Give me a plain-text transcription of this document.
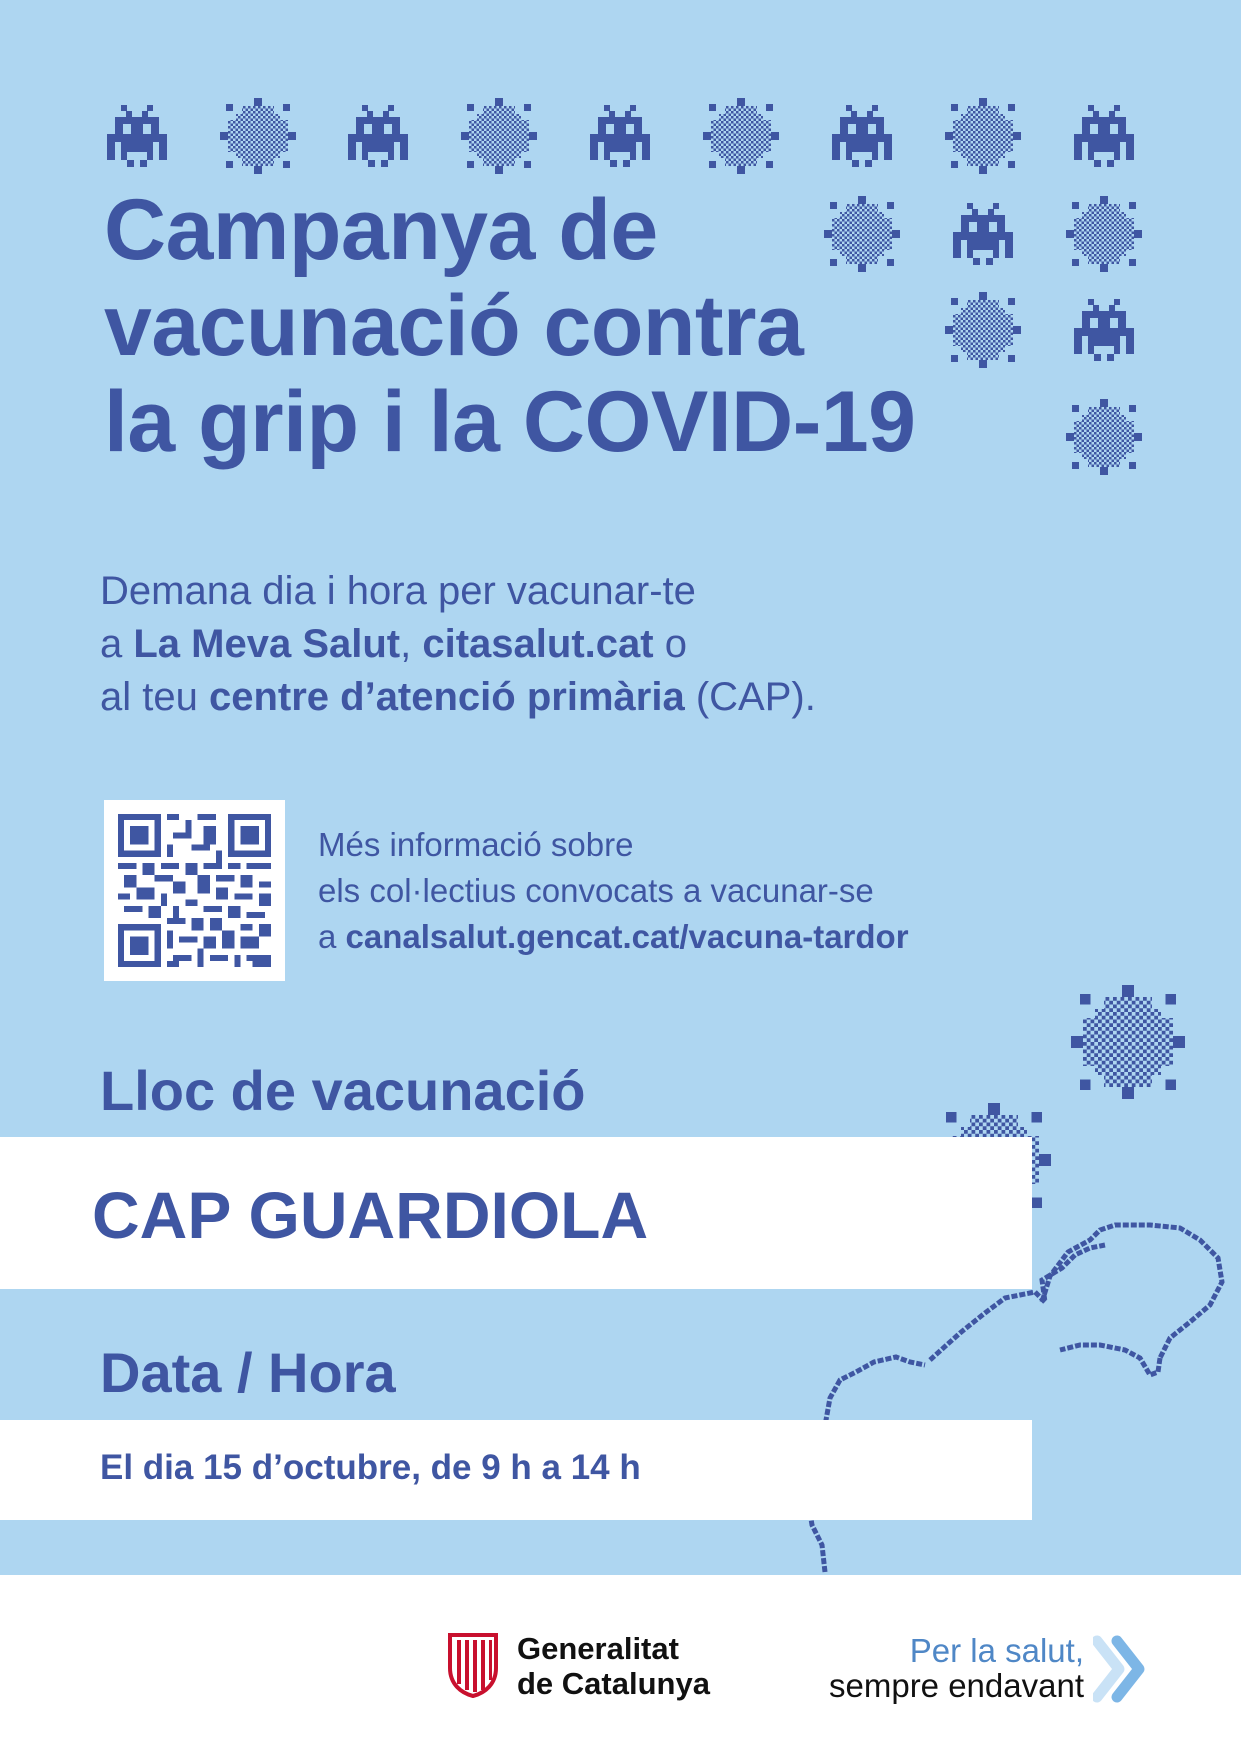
Campanya de
vacunació contra
la grip i la COVID-19

Demana dia i hora per vacunar-te
a La Meva Salut, citasalut.cat o
al teu centre d’atenció primària (CAP).

Més informació sobre
els col·lectius convocats a vacunar-se
a canalsalut.gencat.cat/vacuna-tardor

Lloc de vacunació

CAP GUARDIOLA

Data / Hora

El dia 15 d’octubre, de 9 h a 14 h

Generalitat
de Catalunya

Per la salut,
sempre endavant
